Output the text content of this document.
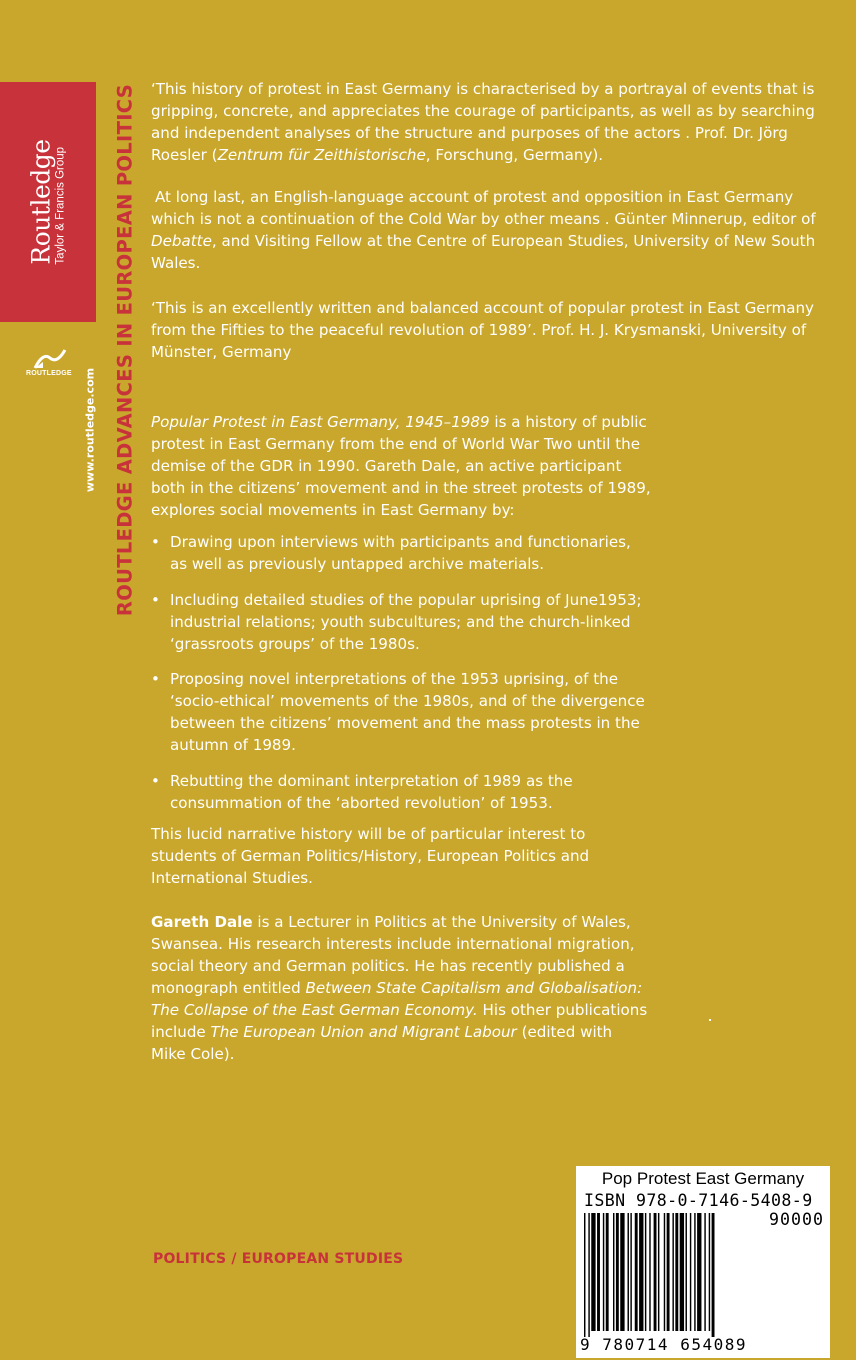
Routledge Taylor & Francis Group
ROUTLEDGE ROUTLEDGE ADVANCES IN EUROPEAN POLITICS
www.routledge.com

‘This history of protest in East Germany is characterised by a portrayal of events that is gripping, concrete, and appreciates the courage of participants, as well as by searching and independent analyses of the structure and purposes of the actors . Prof. Dr. Jörg Roesler (Zentrum für Zeithistorische, Forschung, Germany).

At long last, an English-language account of protest and opposition in East Germany which is not a continuation of the Cold War by other means . Günter Minnerup, editor of Debatte, and Visiting Fellow at the Centre of European Studies, University of New South Wales.

‘This is an excellently written and balanced account of popular protest in East Germany from the Fifties to the peaceful revolution of 1989’. Prof. H. J. Krysmanski, University of Münster, Germany

Popular Protest in East Germany, 1945–1989 is a history of public protest in East Germany from the end of World War Two until the demise of the GDR in 1990. Gareth Dale, an active participant both in the citizens’ movement and in the street protests of 1989, explores social movements in East Germany by:

• Drawing upon interviews with participants and functionaries, as well as previously untapped archive materials.
• Including detailed studies of the popular uprising of June1953; industrial relations; youth subcultures; and the church-linked ‘grassroots groups’ of the 1980s.
• Proposing novel interpretations of the 1953 uprising, of the ‘socio-ethical’ movements of the 1980s, and of the divergence between the citizens’ movement and the mass protests in the autumn of 1989.
• Rebutting the dominant interpretation of 1989 as the consummation of the ‘aborted revolution’ of 1953.

This lucid narrative history will be of particular interest to students of German Politics/History, European Politics and International Studies.

Gareth Dale is a Lecturer in Politics at the University of Wales, Swansea. His research interests include international migration, social theory and German politics. He has recently published a monograph entitled Between State Capitalism and Globalisation: The Collapse of the East German Economy. His other publications include The European Union and Migrant Labour (edited with Mike Cole).

POLITICS / EUROPEAN STUDIES
Pop Protest East Germany
ISBN 978-0-7146-5408-9
90000
9 780714 654089
